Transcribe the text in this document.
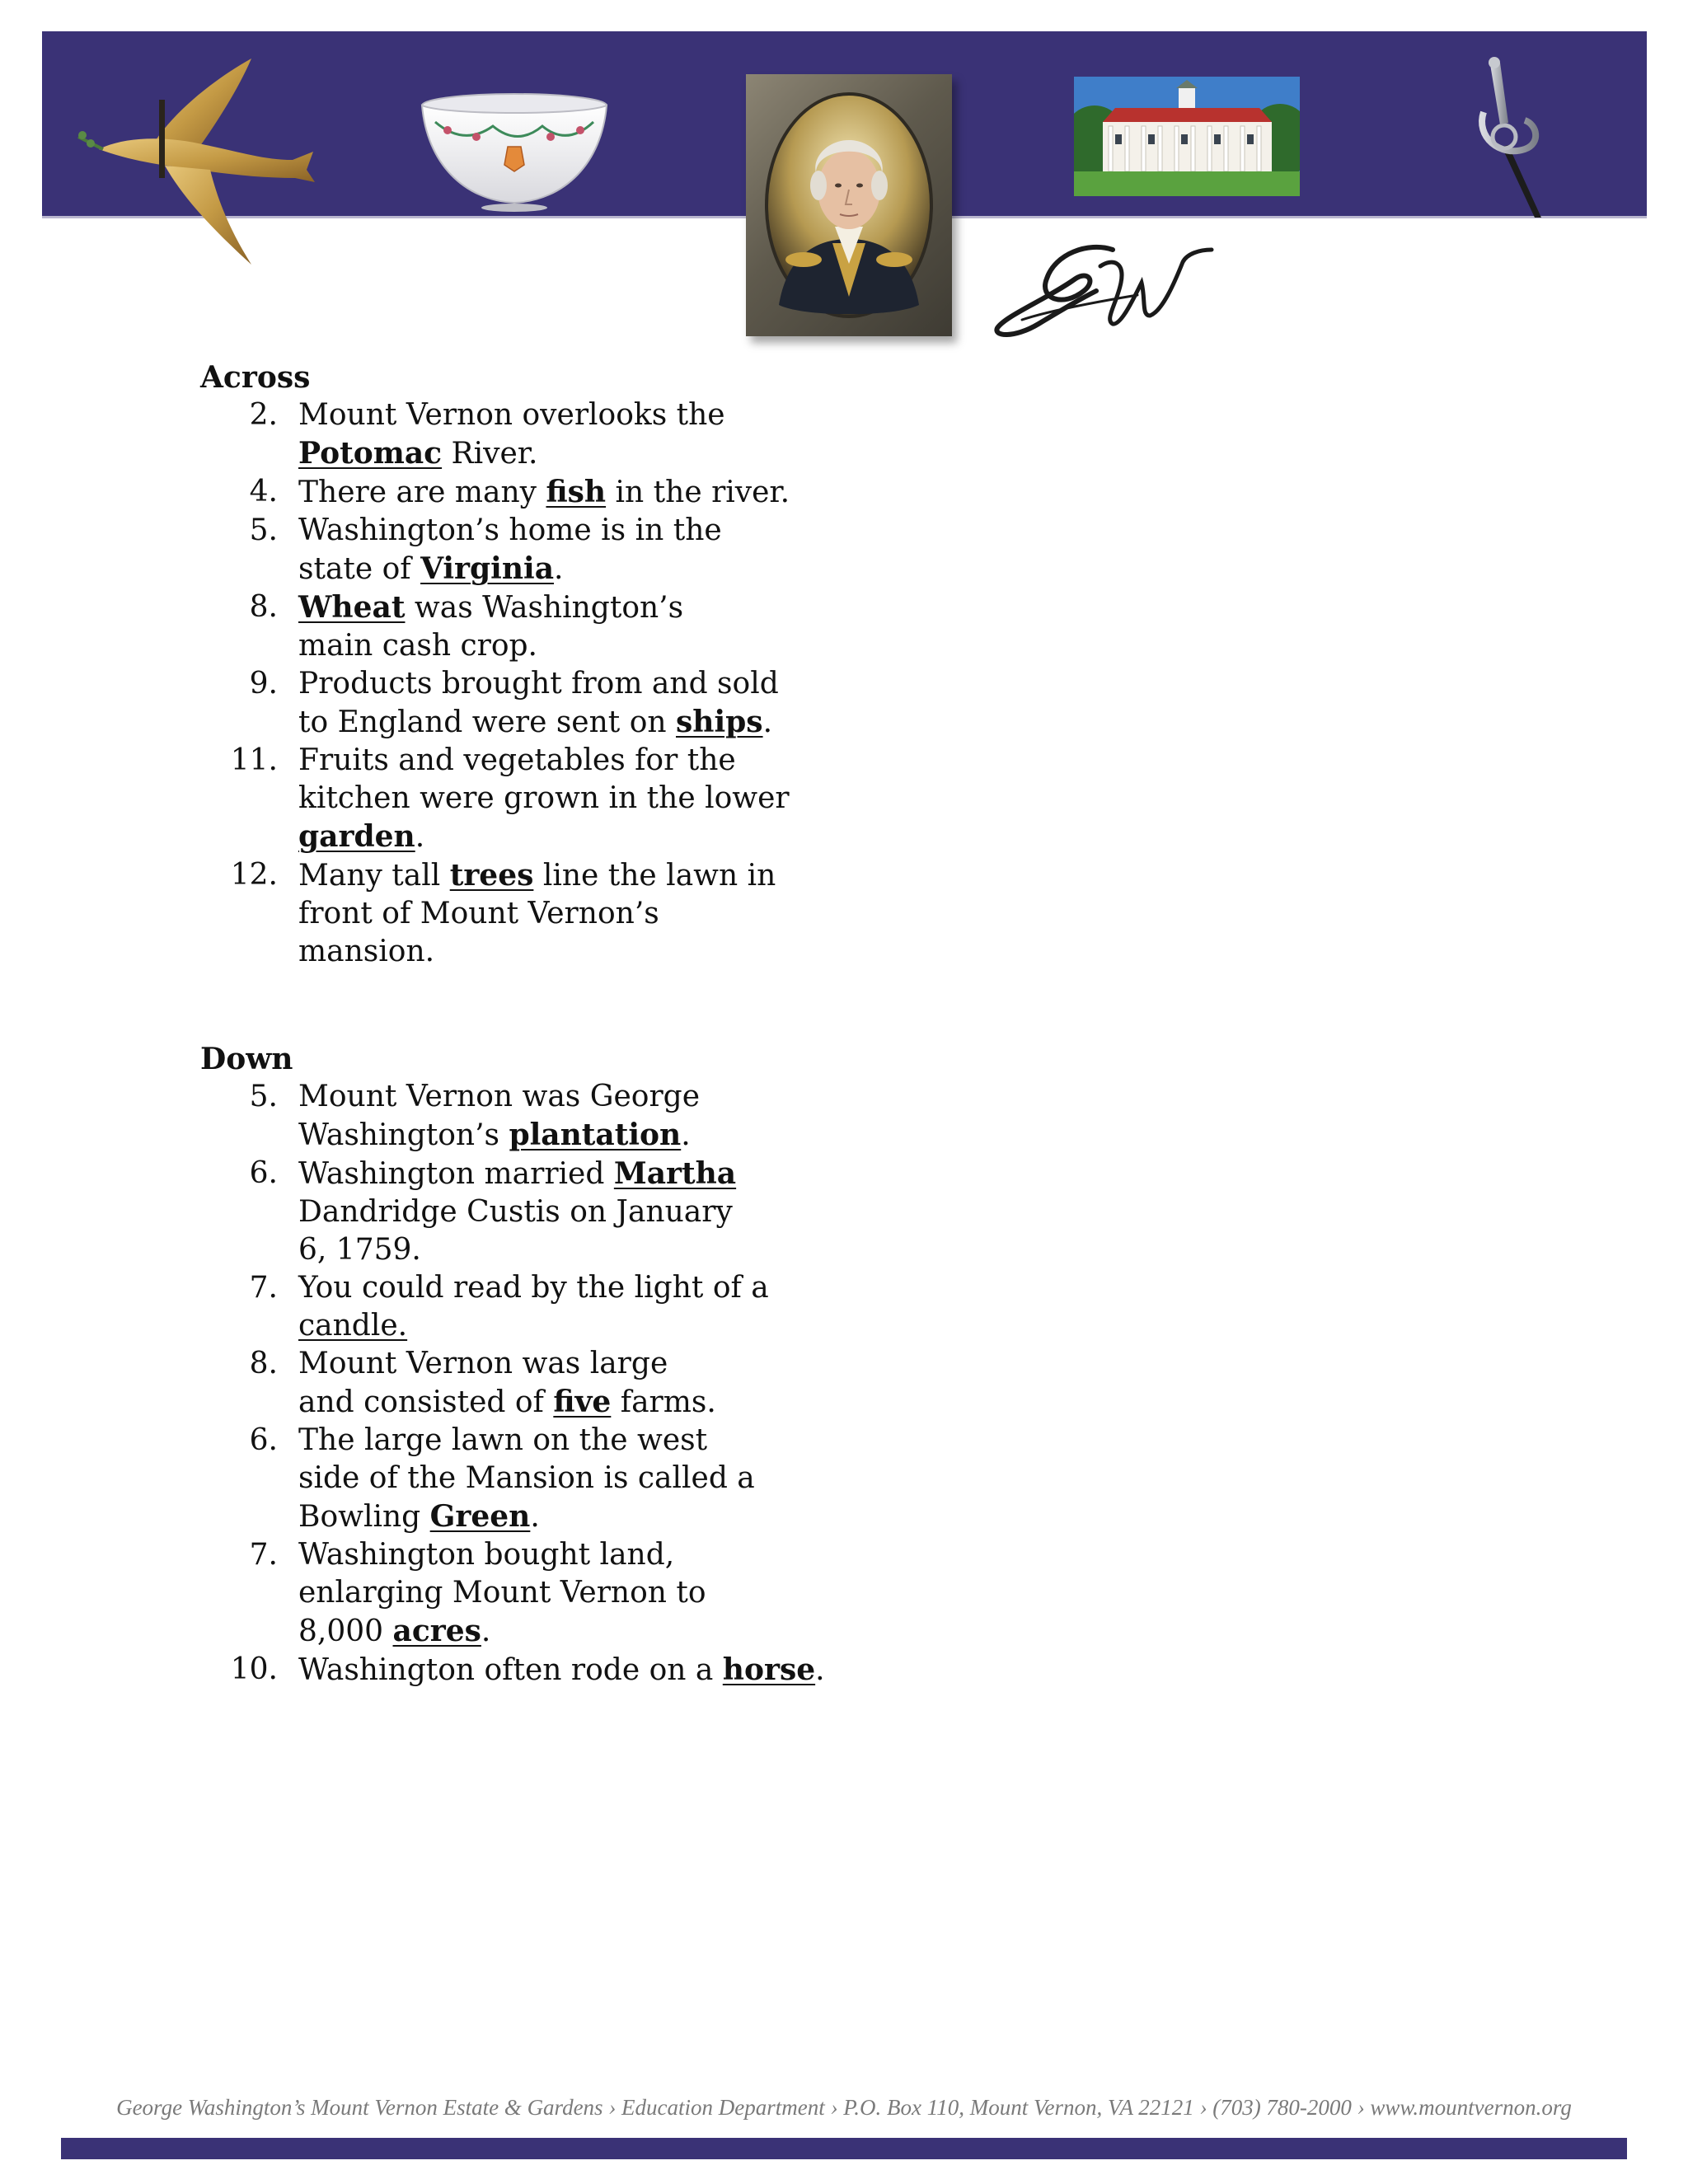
Across
2. Mount Vernon overlooks the Potomac River.
4. There are many fish in the river.
5. Washington’s home is in the state of Virginia.
8. Wheat was Washington’s main cash crop.
9. Products brought from and sold to England were sent on ships.
11. Fruits and vegetables for the kitchen were grown in the lower garden.
12. Many tall trees line the lawn in front of Mount Vernon’s mansion.
Down
5. Mount Vernon was George Washington’s plantation.
6. Washington married Martha Dandridge Custis on January 6, 1759.
7. You could read by the light of a candle.
8. Mount Vernon was large and consisted of five farms.
6. The large lawn on the west side of the Mansion is called a Bowling Green.
7. Washington bought land, enlarging Mount Vernon to 8,000 acres.
10. Washington often rode on a horse.
George Washington’s Mount Vernon Estate & Gardens › Education Department › P.O. Box 110, Mount Vernon, VA 22121 › (703) 780-2000 › www.mountvernon.org
